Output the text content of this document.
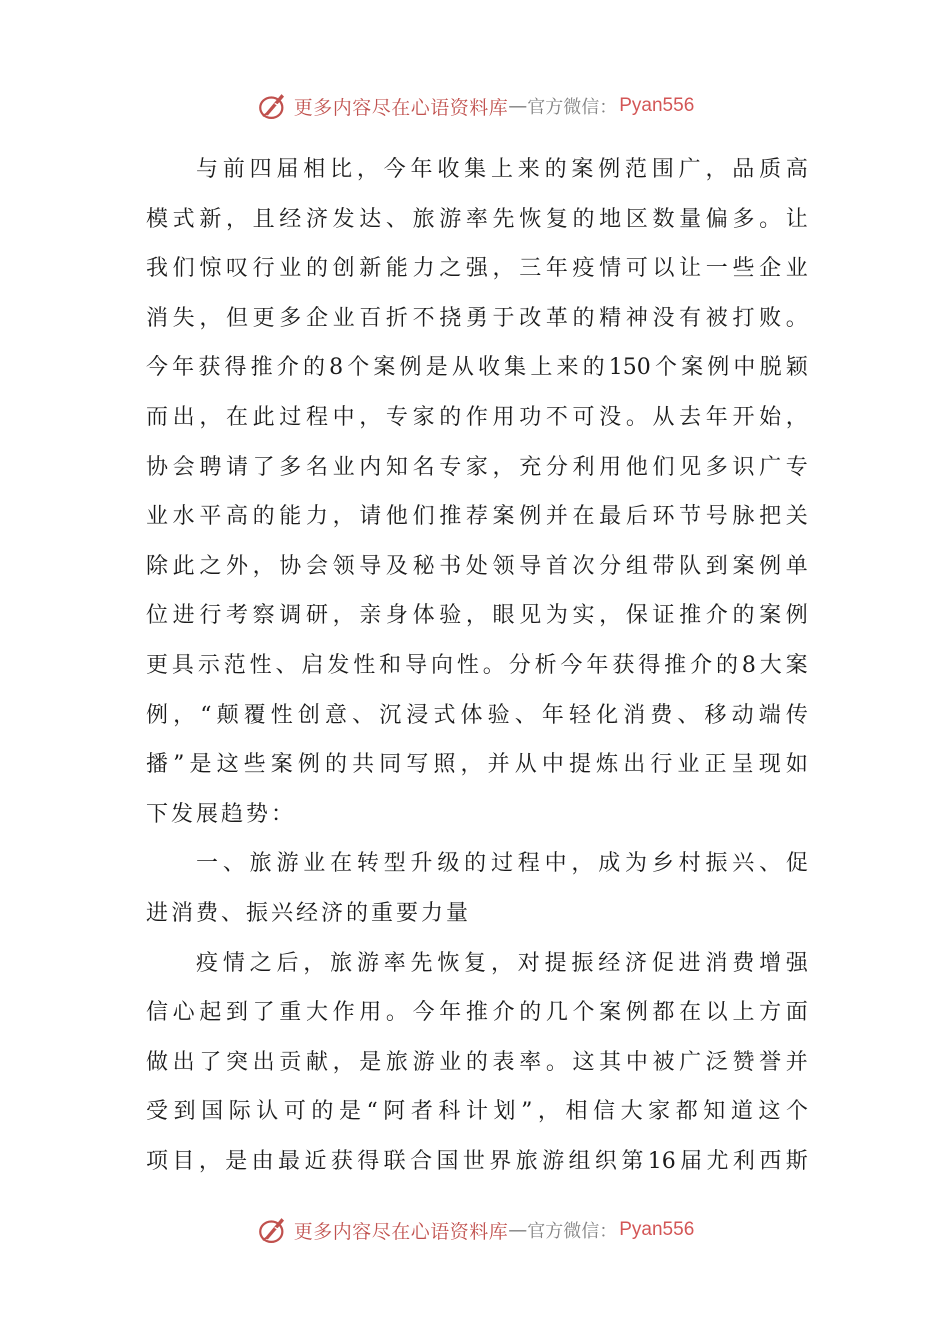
更多内容尽在心语资料库 — 官方微信 ： Pyan556
与 前 四 届 相 比 ， 今 年 收 集 上 来 的 案 例 范 围 广 ， 品 质 高
模 式 新 ， 且 经 济 发 达 、 旅 游 率 先 恢 复 的 地 区 数 量 偏 多 。 让
我 们 惊 叹 行 业 的 创 新 能 力 之 强 ， 三 年 疫 情 可 以 让 一 些 企 业
消 失 ， 但 更 多 企 业 百 折 不 挠 勇 于 改 革 的 精 神 没 有 被 打 败 。
今 年 获 得 推 介 的 8 个 案 例 是 从 收 集 上 来 的 150 个 案 例 中 脱 颖
而 出 ， 在 此 过 程 中 ， 专 家 的 作 用 功 不 可 没 。 从 去 年 开 始 ，
协 会 聘 请 了 多 名 业 内 知 名 专 家 ， 充 分 利 用 他 们 见 多 识 广 专
业 水 平 高 的 能 力 ， 请 他 们 推 荐 案 例 并 在 最 后 环 节 号 脉 把 关
除 此 之 外 ， 协 会 领 导 及 秘 书 处 领 导 首 次 分 组 带 队 到 案 例 单
位 进 行 考 察 调 研 ， 亲 身 体 验 ， 眼 见 为 实 ， 保 证 推 介 的 案 例
更 具 示 范 性 、 启 发 性 和 导 向 性 。 分 析 今 年 获 得 推 介 的 8 大 案
例 ， “ 颠 覆 性 创 意 、 沉 浸 式 体 验 、 年 轻 化 消 费 、 移 动 端 传
播 ” 是 这 些 案 例 的 共 同 写 照 ， 并 从 中 提 炼 出 行 业 正 呈 现 如
下发展趋势：
一 、 旅 游 业 在 转 型 升 级 的 过 程 中 ， 成 为 乡 村 振 兴 、 促
进消费、振兴经济的重要力量
疫 情 之 后 ， 旅 游 率 先 恢 复 ， 对 提 振 经 济 促 进 消 费 增 强
信 心 起 到 了 重 大 作 用 。 今 年 推 介 的 几 个 案 例 都 在 以 上 方 面
做 出 了 突 出 贡 献 ， 是 旅 游 业 的 表 率 。 这 其 中 被 广 泛 赞 誉 并
受 到 国 际 认 可 的 是 “ 阿 者 科 计 划 ” ， 相 信 大 家 都 知 道 这 个
项 目 ， 是 由 最 近 获 得 联 合 国 世 界 旅 游 组 织 第 16 届 尤 利 西 斯
更多内容尽在心语资料库 — 官方微信 ： Pyan556
